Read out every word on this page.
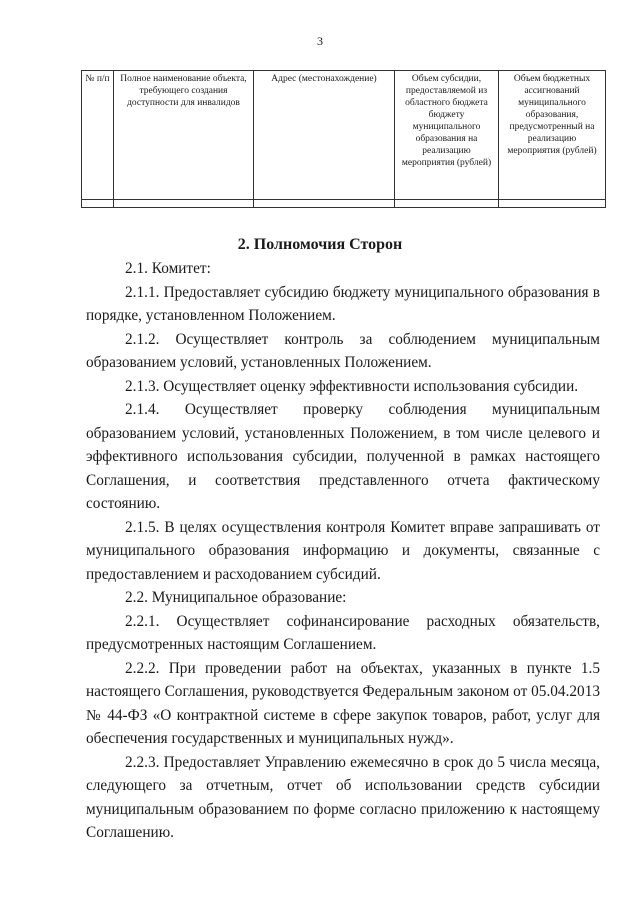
3
№ п/п	Полное наименование объекта, требующего создания доступности для инвалидов	Адрес (местонахождение)	Объем субсидии, предоставляемой из областного бюджета бюджету муниципального образования на реализацию мероприятия (рублей)	Объем бюджетных ассигнований муниципального образования, предусмотренный на реализацию мероприятия (рублей)

2. Полномочия Сторон

2.1. Комитет:

2.1.1. Предоставляет субсидию бюджету муниципального образования в порядке, установленном Положением.

2.1.2. Осуществляет контроль за соблюдением муниципальным образованием условий, установленных Положением.

2.1.3. Осуществляет оценку эффективности использования субсидии.

2.1.4. Осуществляет проверку соблюдения муниципальным образованием условий, установленных Положением, в том числе целевого и эффективного использования субсидии, полученной в рамках настоящего Соглашения, и соответствия представленного отчета фактическому состоянию.

2.1.5. В целях осуществления контроля Комитет вправе запрашивать от муниципального образования информацию и документы, связанные с предоставлением и расходованием субсидий.

2.2. Муниципальное образование:

2.2.1. Осуществляет софинансирование расходных обязательств, предусмотренных настоящим Соглашением.

2.2.2. При проведении работ на объектах, указанных в пункте 1.5 настоящего Соглашения, руководствуется Федеральным законом от 05.04.2013 № 44-ФЗ «О контрактной системе в сфере закупок товаров, работ, услуг для обеспечения государственных и муниципальных нужд».

2.2.3. Предоставляет Управлению ежемесячно в срок до 5 числа месяца, следующего за отчетным, отчет об использовании средств субсидии муниципальным образованием по форме согласно приложению к настоящему Соглашению.
